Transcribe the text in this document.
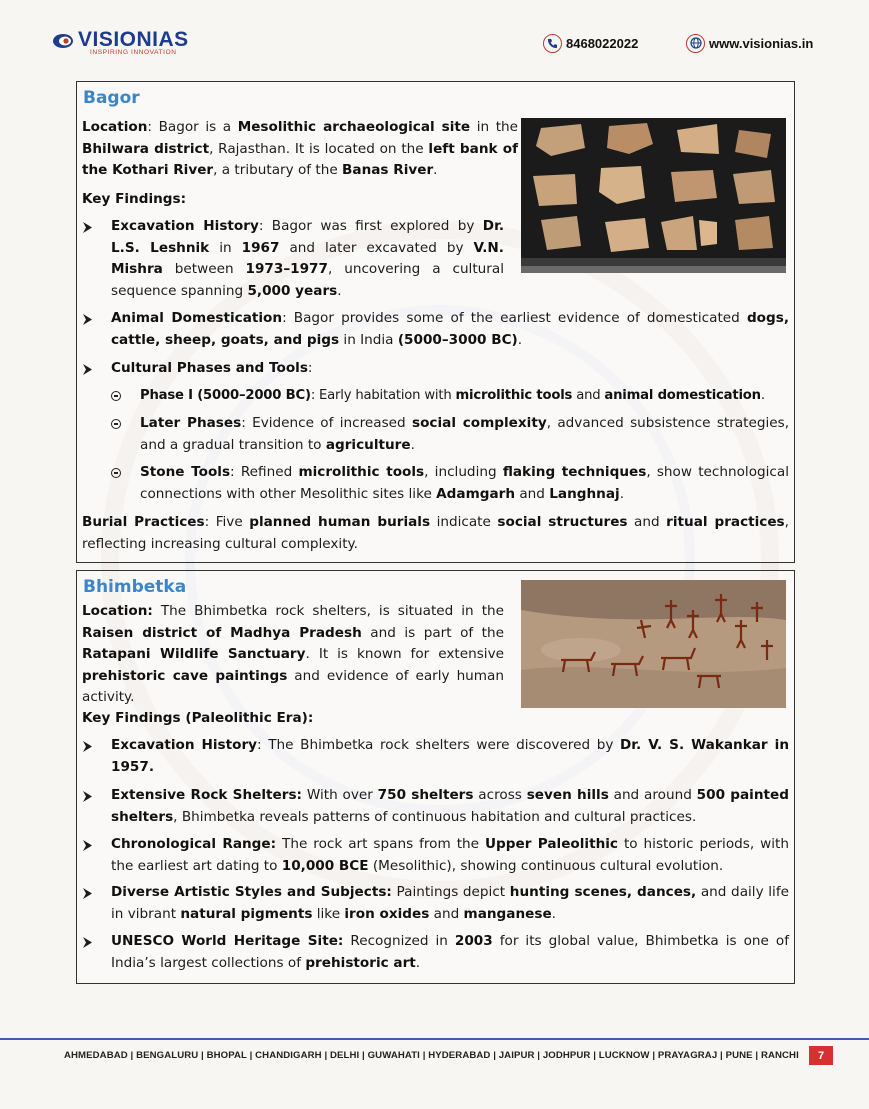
VISIONIAS
INSPIRING INNOVATION
8468022022	www.visionias.in
Bagor
Location: Bagor is a Mesolithic archaeological site in the Bhilwara district, Rajasthan. It is located on the left bank of the Kothari River, a tributary of the Banas River.
Key Findings:
Excavation History: Bagor was first explored by Dr. L.S. Leshnik in 1967 and later excavated by V.N. Mishra between 1973–1977, uncovering a cultural sequence spanning 5,000 years.
Animal Domestication: Bagor provides some of the earliest evidence of domesticated dogs, cattle, sheep, goats, and pigs in India (5000–3000 BC).
Cultural Phases and Tools:
Phase I (5000–2000 BC): Early habitation with microlithic tools and animal domestication.
Later Phases: Evidence of increased social complexity, advanced subsistence strategies, and a gradual transition to agriculture.
Stone Tools: Refined microlithic tools, including flaking techniques, show technological connections with other Mesolithic sites like Adamgarh and Langhnaj.
Burial Practices: Five planned human burials indicate social structures and ritual practices, reflecting increasing cultural complexity.
Bhimbetka
Location: The Bhimbetka rock shelters, is situated in the Raisen district of Madhya Pradesh and is part of the Ratapani Wildlife Sanctuary. It is known for extensive prehistoric cave paintings and evidence of early human activity.
Key Findings (Paleolithic Era):
Excavation History: The Bhimbetka rock shelters were discovered by Dr. V. S. Wakankar in 1957.
Extensive Rock Shelters: With over 750 shelters across seven hills and around 500 painted shelters, Bhimbetka reveals patterns of continuous habitation and cultural practices.
Chronological Range: The rock art spans from the Upper Paleolithic to historic periods, with the earliest art dating to 10,000 BCE (Mesolithic), showing continuous cultural evolution.
Diverse Artistic Styles and Subjects: Paintings depict hunting scenes, dances, and daily life in vibrant natural pigments like iron oxides and manganese.
UNESCO World Heritage Site: Recognized in 2003 for its global value, Bhimbetka is one of India’s largest collections of prehistoric art.
AHMEDABAD | BENGALURU | BHOPAL | CHANDIGARH | DELHI | GUWAHATI | HYDERABAD | JAIPUR | JODHPUR | LUCKNOW | PRAYAGRAJ | PUNE | RANCHI	7
